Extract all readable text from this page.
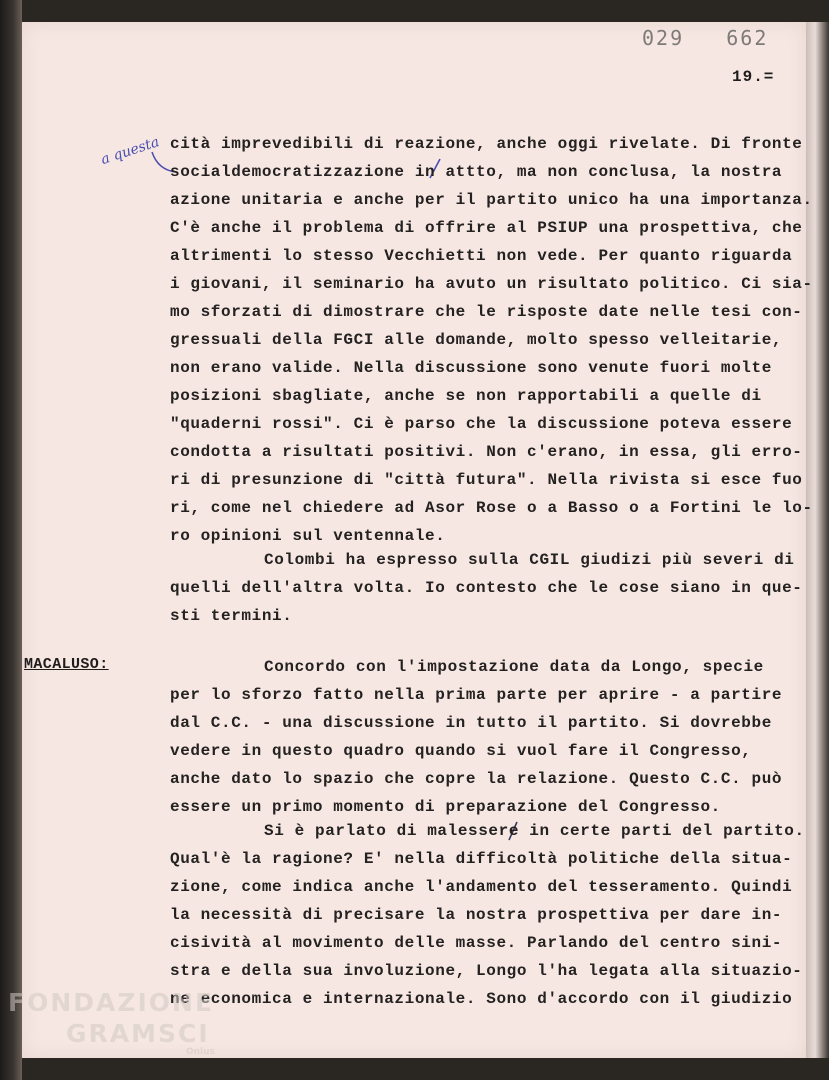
029   662
19.=
a questa cità imprevedibili di reazione, anche oggi rivelate. Di fronte
socialdemocratizzazione in attto, ma non conclusa, la nostra
azione unitaria e anche per il partito unico ha una importanza.
C'è anche il problema di offrire al PSIUP una prospettiva, che
altrimenti lo stesso Vecchietti non vede. Per quanto riguarda
i giovani, il seminario ha avuto un risultato politico. Ci sia-
mo sforzati di dimostrare che le risposte date nelle tesi con-
gressuali della FGCI alle domande, molto spesso velleitarie,
non erano valide. Nella discussione sono venute fuori molte
posizioni sbagliate, anche se non rapportabili a quelle di
"quaderni rossi". Ci è parso che la discussione poteva essere
condotta a risultati positivi. Non c'erano, in essa, gli erro-
ri di presunzione di "città futura". Nella rivista si esce fuo
ri, come nel chiedere ad Asor Rose o a Basso o a Fortini le lo-
ro opinioni sul ventennale.
Colombi ha espresso sulla CGIL giudizi più severi di
quelli dell'altra volta. Io contesto che le cose siano in que-
sti termini.
MACALUSO:	Concordo con l'impostazione data da Longo, specie
per lo sforzo fatto nella prima parte per aprire - a partire
dal C.C. - una discussione in tutto il partito. Si dovrebbe
vedere in questo quadro quando si vuol fare il Congresso,
anche dato lo spazio che copre la relazione. Questo C.C. può
essere un primo momento di preparazione del Congresso.
Si è parlato di malessere in certe parti del partito.
Qual'è la ragione? E' nella difficoltà politiche della situa-
zione, come indica anche l'andamento del tesseramento. Quindi
la necessità di precisare la nostra prospettiva per dare in-
cisività al movimento delle masse. Parlando del centro sini-
stra e della sua involuzione, Longo l'ha legata alla situazio-
ne economica e internazionale. Sono d'accordo con il giudizio
FONDAZIONE
GRAMSCI
Onlus
